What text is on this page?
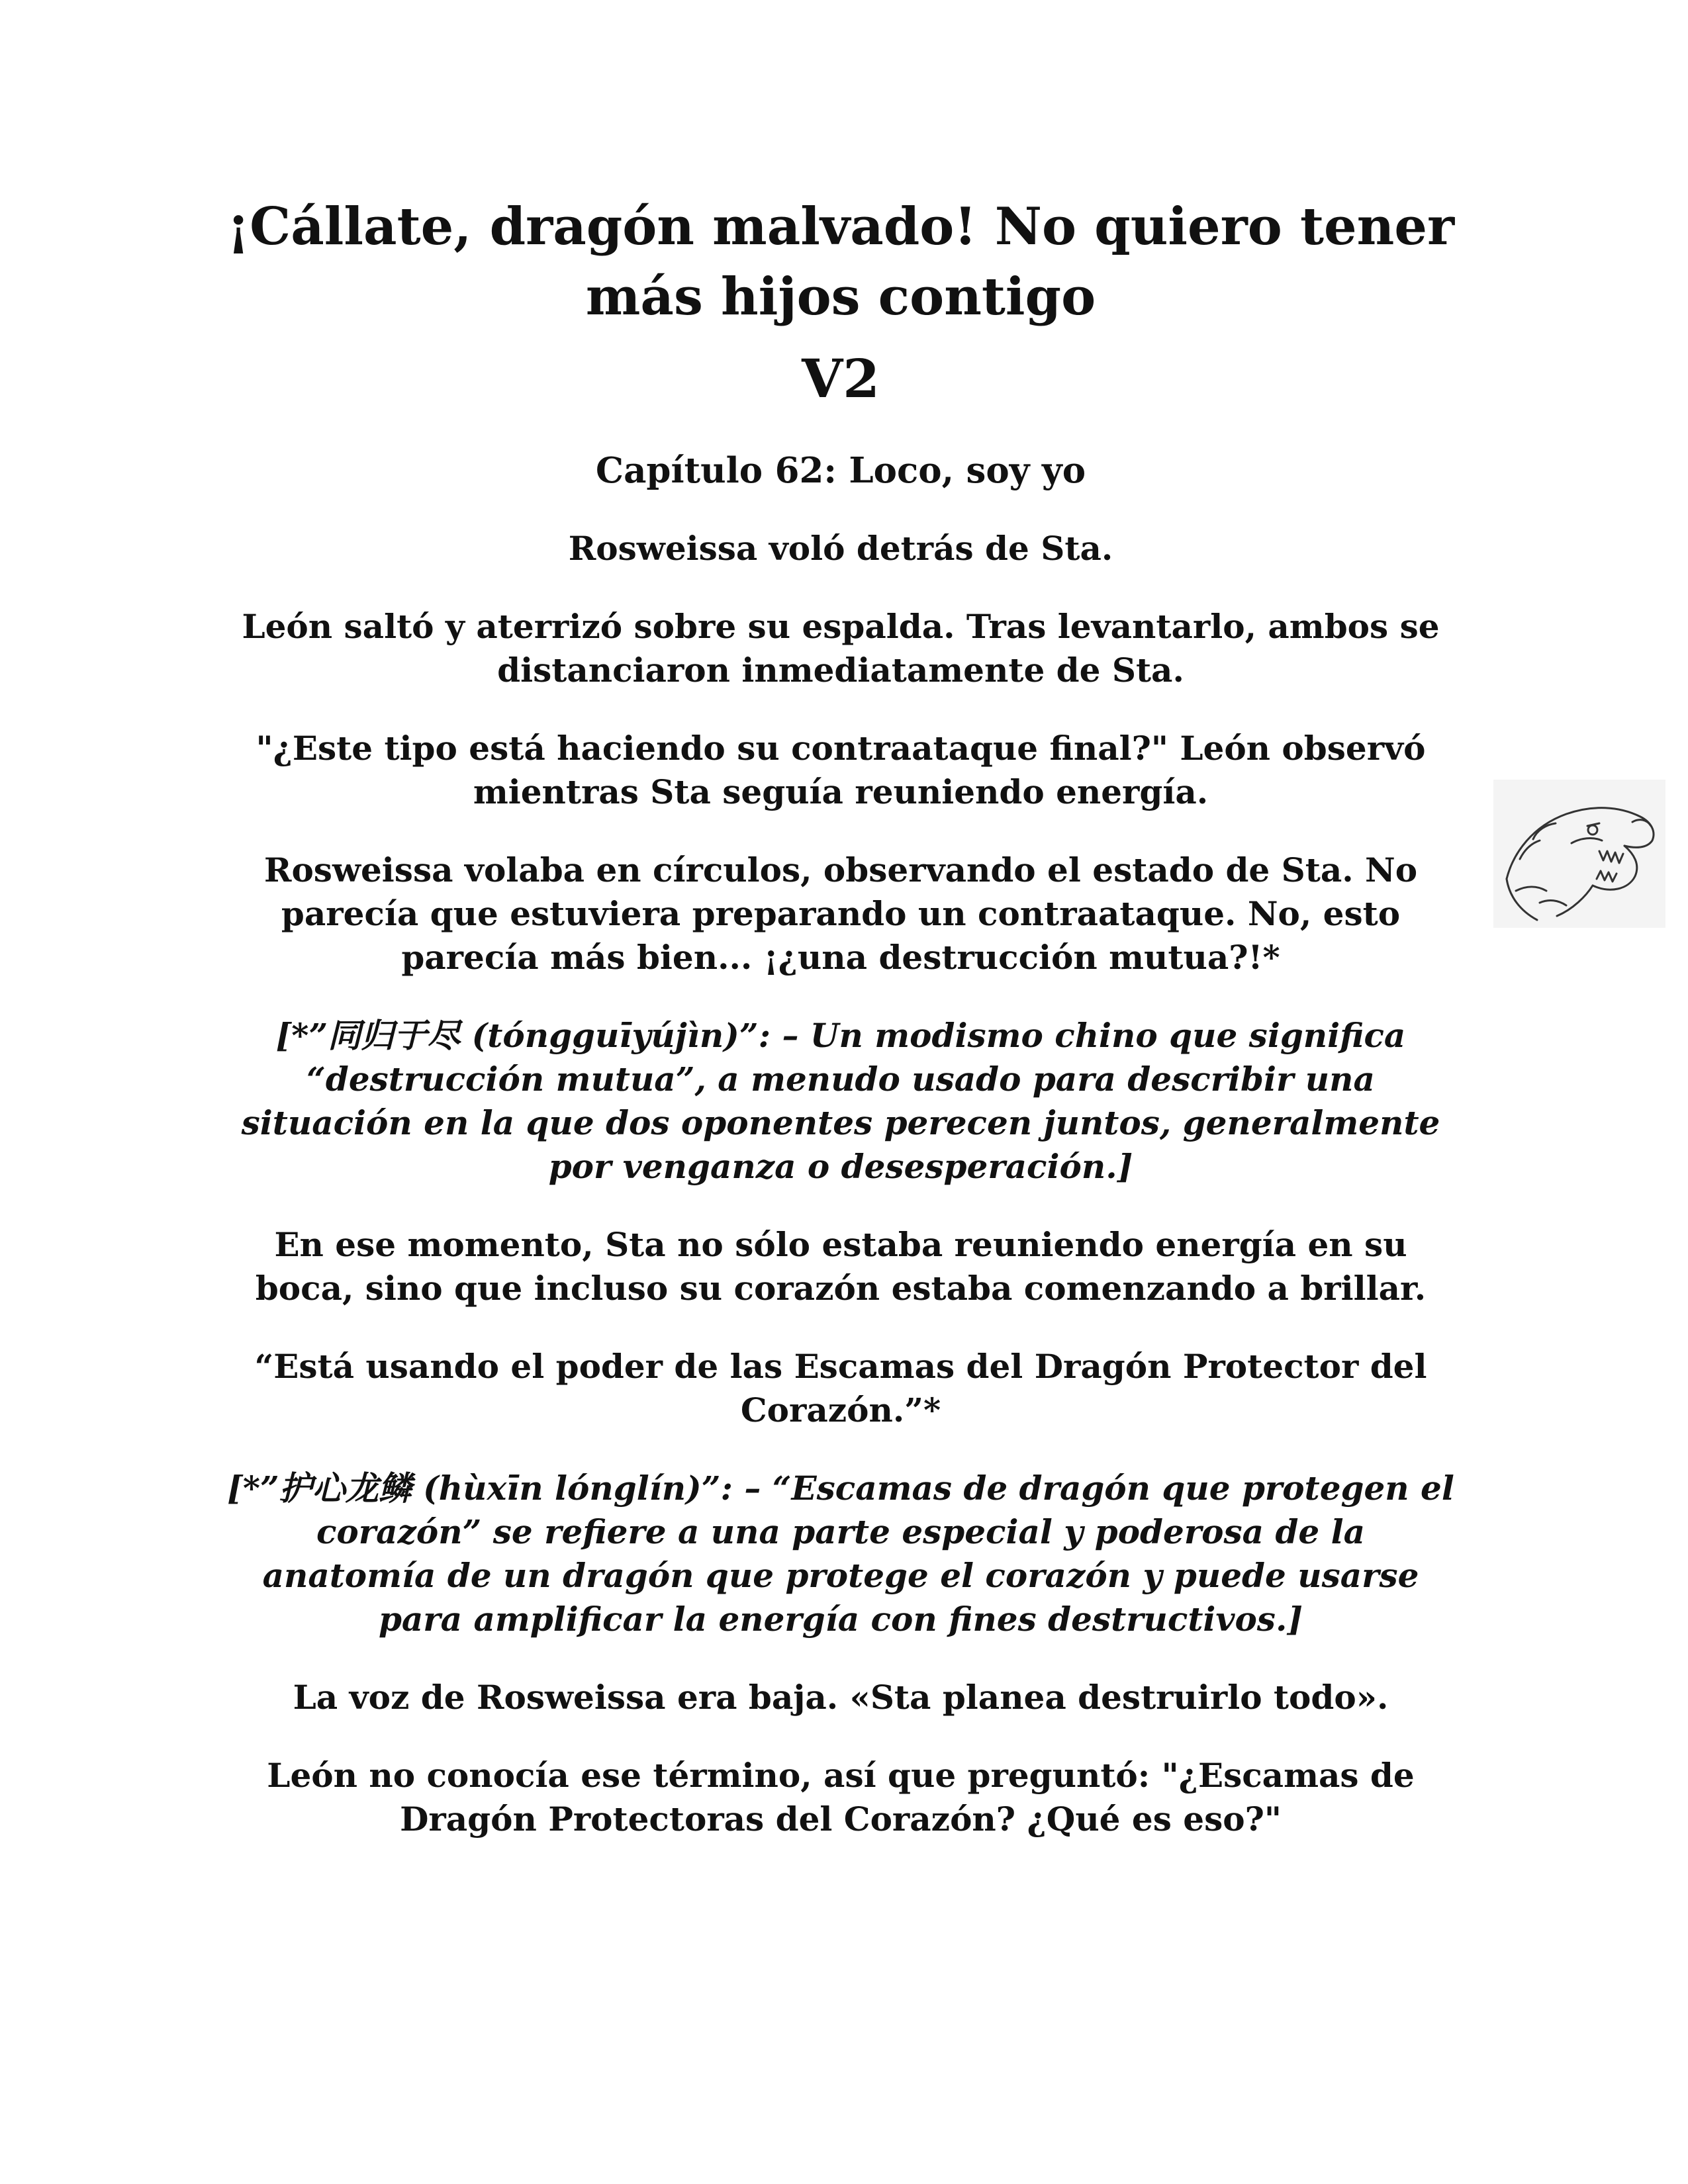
¡Cállate, dragón malvado! No quiero tener
más hijos contigo
V2
Capítulo 62: Loco, soy yo

Rosweissa voló detrás de Sta.

León saltó y aterrizó sobre su espalda. Tras levantarlo, ambos se distanciaron inmediatamente de Sta.

"¿Este tipo está haciendo su contraataque final?" León observó mientras Sta seguía reuniendo energía.

Rosweissa volaba en círculos, observando el estado de Sta. No parecía que estuviera preparando un contraataque. No, esto parecía más bien... ¡¿una destrucción mutua?!*

[*”同归于尽 (tóngguīyújìn)”: – Un modismo chino que significa “destrucción mutua”, a menudo usado para describir una situación en la que dos oponentes perecen juntos, generalmente por venganza o desesperación.]

En ese momento, Sta no sólo estaba reuniendo energía en su boca, sino que incluso su corazón estaba comenzando a brillar.

“Está usando el poder de las Escamas del Dragón Protector del Corazón.”*

[*”护心龙鳞 (hùxīn lónglín)”: – “Escamas de dragón que protegen el corazón” se refiere a una parte especial y poderosa de la anatomía de un dragón que protege el corazón y puede usarse para amplificar la energía con fines destructivos.]

La voz de Rosweissa era baja. «Sta planea destruirlo todo».

León no conocía ese término, así que preguntó: "¿Escamas de Dragón Protectoras del Corazón? ¿Qué es eso?"
